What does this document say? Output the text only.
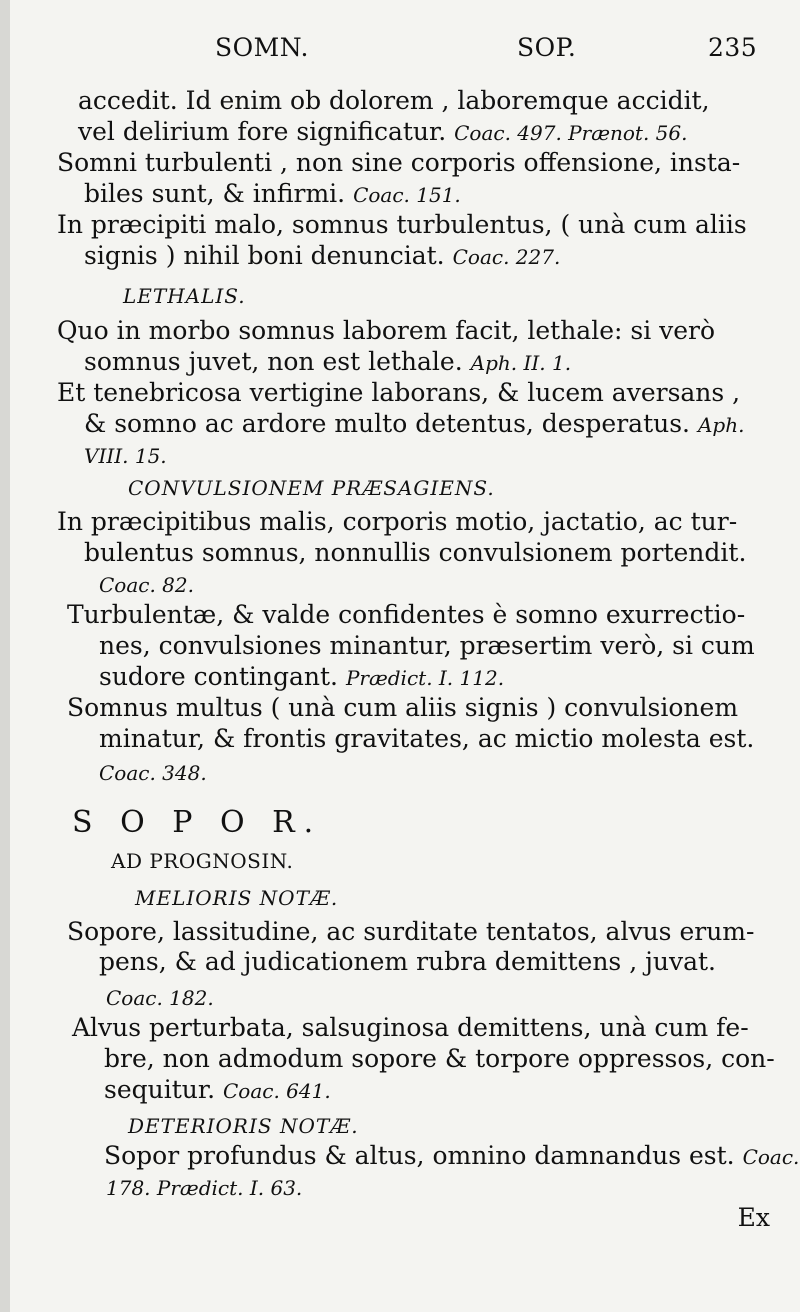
SOMN.	SOP.	235
accedit. Id enim ob dolorem , laboremque accidit,
vel delirium fore significatur. Coac. 497. Prænot. 56.
Somni turbulenti , non sine corporis offensione, insta-
biles sunt, & infirmi. Coac. 151.
In præcipiti malo, somnus turbulentus, ( unà cum aliis
signis ) nihil boni denunciat. Coac. 227.
LETHALIS.
Quo in morbo somnus laborem facit, lethale: si verò
somnus juvet, non est lethale. Aph. II. 1.
Et tenebricosa vertigine laborans, & lucem aversans ,
& somno ac ardore multo detentus, desperatus. Aph.
VIII. 15.
CONVULSIONEM PRÆSAGIENS.
In præcipitibus malis, corporis motio, jactatio, ac tur-
bulentus somnus, nonnullis convulsionem portendit.
Coac. 82.
Turbulentæ, & valde confidentes è somno exurrectio-
nes, convulsiones minantur, præsertim verò, si cum
sudore contingant. Prædict. I. 112.
Somnus multus ( unà cum aliis signis ) convulsionem
minatur, & frontis gravitates, ac mictio molesta est.
Coac. 348.
S O P O R.
AD PROGNOSIN.
MELIORIS NOTÆ.
Sopore, lassitudine, ac surditate tentatos, alvus erum-
pens, & ad judicationem rubra demittens , juvat.
Coac. 182.
Alvus perturbata, salsuginosa demittens, unà cum fe-
bre, non admodum sopore & torpore oppressos, con-
sequitur. Coac. 641.
DETERIORIS NOTÆ.
Sopor profundus & altus, omnino damnandus est. Coac.
178. Prædict. I. 63.
Ex
